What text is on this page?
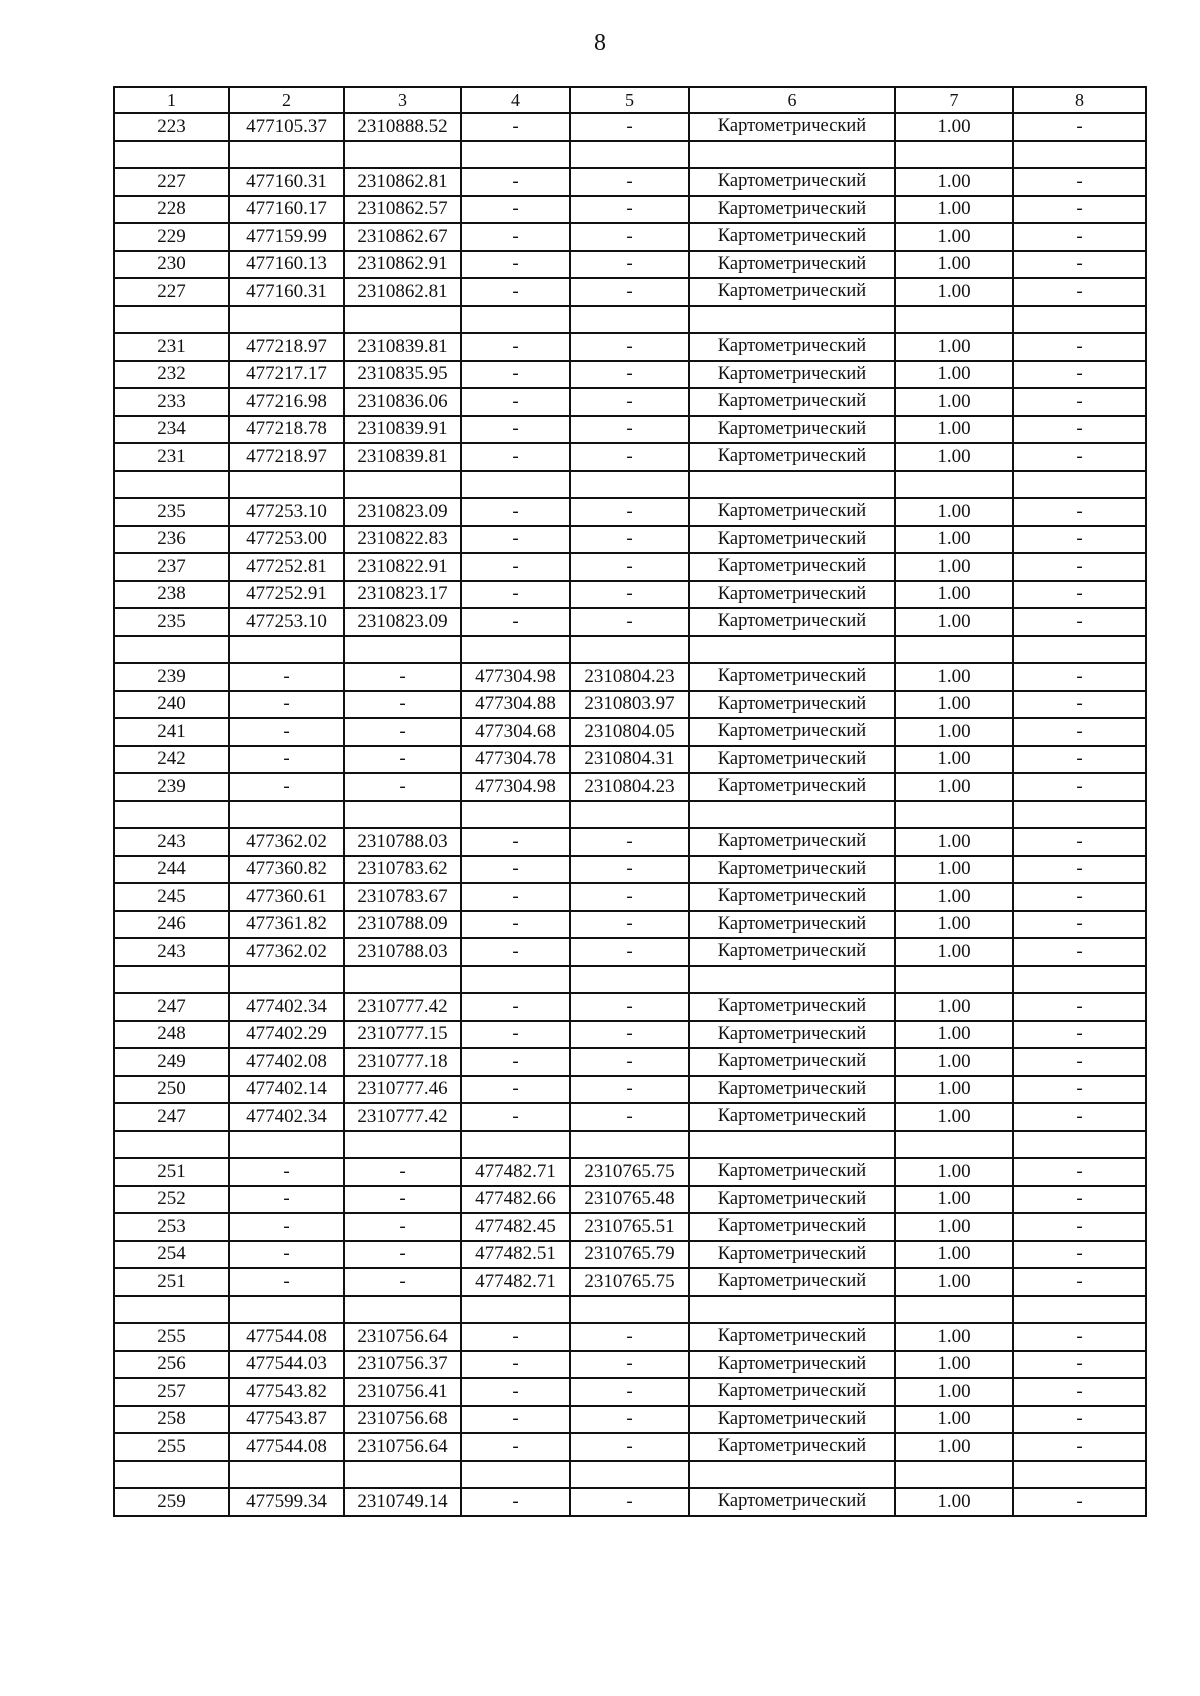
8
1	2	3	4	5	6	7	8
223	477105.37	2310888.52	-	-	Картометрический	1.00	-

227	477160.31	2310862.81	-	-	Картометрический	1.00	-
228	477160.17	2310862.57	-	-	Картометрический	1.00	-
229	477159.99	2310862.67	-	-	Картометрический	1.00	-
230	477160.13	2310862.91	-	-	Картометрический	1.00	-
227	477160.31	2310862.81	-	-	Картометрический	1.00	-

231	477218.97	2310839.81	-	-	Картометрический	1.00	-
232	477217.17	2310835.95	-	-	Картометрический	1.00	-
233	477216.98	2310836.06	-	-	Картометрический	1.00	-
234	477218.78	2310839.91	-	-	Картометрический	1.00	-
231	477218.97	2310839.81	-	-	Картометрический	1.00	-

235	477253.10	2310823.09	-	-	Картометрический	1.00	-
236	477253.00	2310822.83	-	-	Картометрический	1.00	-
237	477252.81	2310822.91	-	-	Картометрический	1.00	-
238	477252.91	2310823.17	-	-	Картометрический	1.00	-
235	477253.10	2310823.09	-	-	Картометрический	1.00	-

239	-	-	477304.98	2310804.23	Картометрический	1.00	-
240	-	-	477304.88	2310803.97	Картометрический	1.00	-
241	-	-	477304.68	2310804.05	Картометрический	1.00	-
242	-	-	477304.78	2310804.31	Картометрический	1.00	-
239	-	-	477304.98	2310804.23	Картометрический	1.00	-

243	477362.02	2310788.03	-	-	Картометрический	1.00	-
244	477360.82	2310783.62	-	-	Картометрический	1.00	-
245	477360.61	2310783.67	-	-	Картометрический	1.00	-
246	477361.82	2310788.09	-	-	Картометрический	1.00	-
243	477362.02	2310788.03	-	-	Картометрический	1.00	-

247	477402.34	2310777.42	-	-	Картометрический	1.00	-
248	477402.29	2310777.15	-	-	Картометрический	1.00	-
249	477402.08	2310777.18	-	-	Картометрический	1.00	-
250	477402.14	2310777.46	-	-	Картометрический	1.00	-
247	477402.34	2310777.42	-	-	Картометрический	1.00	-

251	-	-	477482.71	2310765.75	Картометрический	1.00	-
252	-	-	477482.66	2310765.48	Картометрический	1.00	-
253	-	-	477482.45	2310765.51	Картометрический	1.00	-
254	-	-	477482.51	2310765.79	Картометрический	1.00	-
251	-	-	477482.71	2310765.75	Картометрический	1.00	-

255	477544.08	2310756.64	-	-	Картометрический	1.00	-
256	477544.03	2310756.37	-	-	Картометрический	1.00	-
257	477543.82	2310756.41	-	-	Картометрический	1.00	-
258	477543.87	2310756.68	-	-	Картометрический	1.00	-
255	477544.08	2310756.64	-	-	Картометрический	1.00	-

259	477599.34	2310749.14	-	-	Картометрический	1.00	-
